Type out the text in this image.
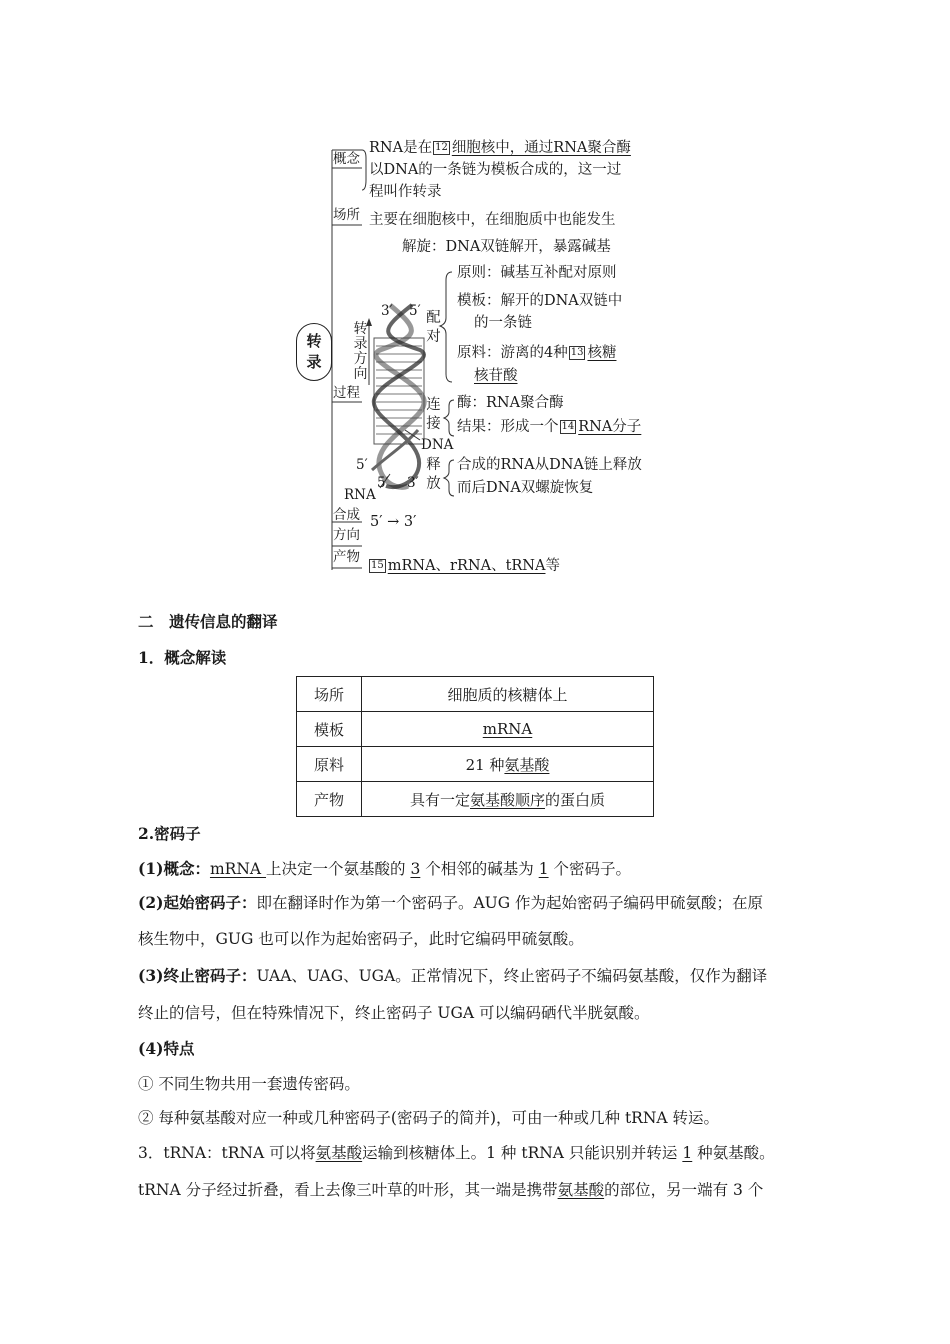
转录
概念
RNA是在 12 细胞核中，通过RNA聚合酶
以DNA的一条链为模板合成的，这一过
程叫作转录
场所 主要在细胞核中，在细胞质中也能发生
解旋：DNA双链解开，暴露碱基
转录方向
过程
3′ 5′ 配对
原则：碱基互补配对原则
模板：解开的DNA双链中
的一条链
原料：游离的4种 13 核糖
核苷酸
连接
酶：RNA聚合酶
结果：形成一个 14 RNA分子
DNA
5′	释放
合成的RNA从DNA链上释放
而后DNA双螺旋恢复
5′ 3′
RNA
合成
方向
5′ → 3′
产物
15 mRNA、rRNA、tRNA等
二　遗传信息的翻译
1．概念解读
场所	细胞质的核糖体上
模板	mRNA
原料	21 种氨基酸
产物	具有一定氨基酸顺序的蛋白质
2.密码子
(1)概念：mRNA 上决定一个氨基酸的 3 个相邻的碱基为 1 个密码子。
(2)起始密码子：即在翻译时作为第一个密码子。AUG 作为起始密码子编码甲硫氨酸；在原
核生物中，GUG 也可以作为起始密码子，此时它编码甲硫氨酸。
(3)终止密码子：UAA、UAG、UGA。正常情况下，终止密码子不编码氨基酸，仅作为翻译
终止的信号，但在特殊情况下，终止密码子 UGA 可以编码硒代半胱氨酸。
(4)特点
① 不同生物共用一套遗传密码。
② 每种氨基酸对应一种或几种密码子(密码子的简并)，可由一种或几种 tRNA 转运。
3．tRNA：tRNA 可以将氨基酸运输到核糖体上。1 种 tRNA 只能识别并转运 1 种氨基酸。
tRNA 分子经过折叠，看上去像三叶草的叶形，其一端是携带氨基酸的部位，另一端有 3 个
